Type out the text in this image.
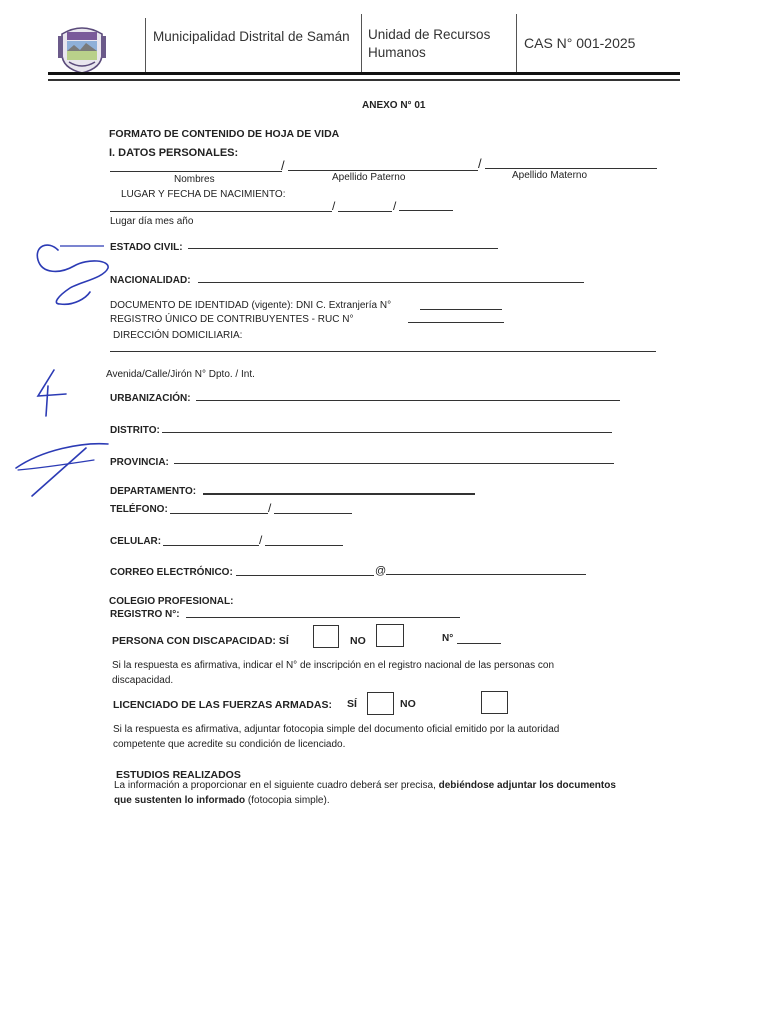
Municipalidad Distrital de Samán Unidad de Recursos Humanos
CAS N° 001-2025
ANEXO N° 01
FORMATO DE CONTENIDO DE HOJA DE VIDA
I. DATOS PERSONALES:
/	/
Nombres	Apellido Paterno	Apellido Materno
LUGAR Y FECHA DE NACIMIENTO:
/	/
Lugar día mes año
ESTADO CIVIL:
NACIONALIDAD:
DOCUMENTO DE IDENTIDAD (vigente): DNI C. Extranjería N°
REGISTRO ÚNICO DE CONTRIBUYENTES - RUC N°
DIRECCIÓN DOMICILIARIA:
Avenida/Calle/Jirón N° Dpto. / Int.
URBANIZACIÓN:
DISTRITO:
PROVINCIA:
DEPARTAMENTO:
TELÉFONO:	/
CELULAR:	/
CORREO ELECTRÓNICO:	@
COLEGIO PROFESIONAL:
REGISTRO N°:
PERSONA CON DISCAPACIDAD: SÍ	NO	N°
Si la respuesta es afirmativa, indicar el N° de inscripción en el registro nacional de las personas con
discapacidad.
LICENCIADO DE LAS FUERZAS ARMADAS: SÍ	NO
Si la respuesta es afirmativa, adjuntar fotocopia simple del documento oficial emitido por la autoridad
competente que acredite su condición de licenciado.
ESTUDIOS REALIZADOS
La información a proporcionar en el siguiente cuadro deberá ser precisa, debiéndose adjuntar los documentos
que sustenten lo informado (fotocopia simple).
